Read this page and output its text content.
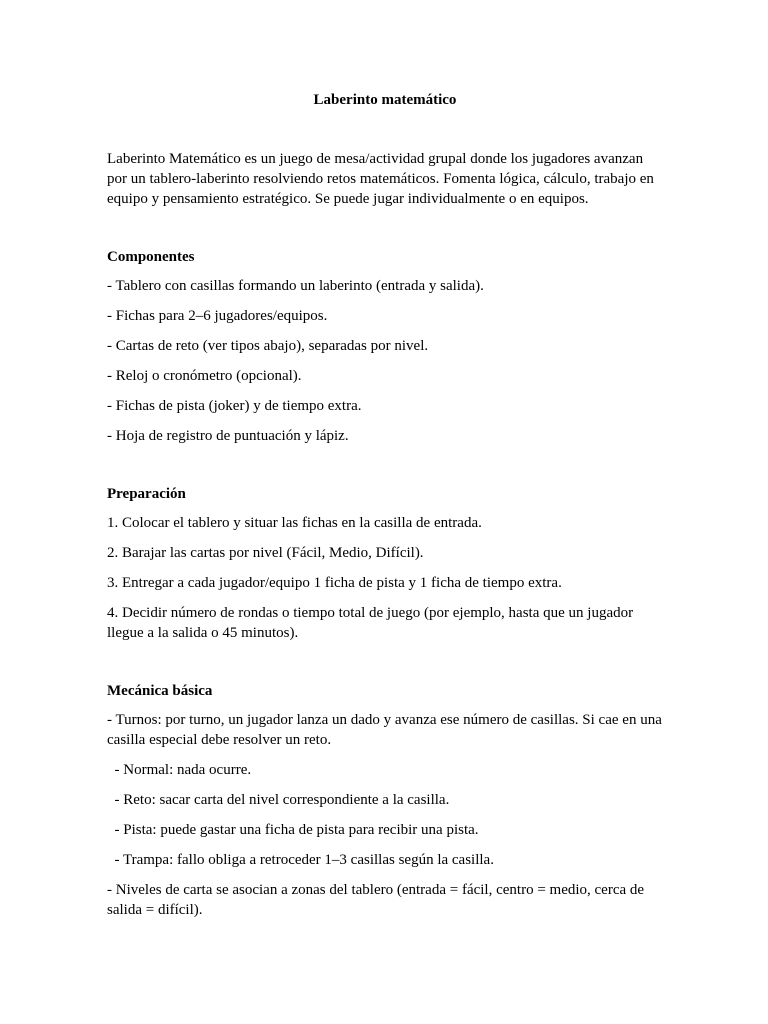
Laberinto matemático

Laberinto Matemático es un juego de mesa/actividad grupal donde los jugadores avanzan por un tablero-laberinto resolviendo retos matemáticos. Fomenta lógica, cálculo, trabajo en equipo y pensamiento estratégico. Se puede jugar individualmente o en equipos.

Componentes

- Tablero con casillas formando un laberinto (entrada y salida).

- Fichas para 2–6 jugadores/equipos.

- Cartas de reto (ver tipos abajo), separadas por nivel.

- Reloj o cronómetro (opcional).

- Fichas de pista (joker) y de tiempo extra.

- Hoja de registro de puntuación y lápiz.

Preparación

1. Colocar el tablero y situar las fichas en la casilla de entrada.

2. Barajar las cartas por nivel (Fácil, Medio, Difícil).

3. Entregar a cada jugador/equipo 1 ficha de pista y 1 ficha de tiempo extra.

4. Decidir número de rondas o tiempo total de juego (por ejemplo, hasta que un jugador llegue a la salida o 45 minutos).

Mecánica básica

- Turnos: por turno, un jugador lanza un dado y avanza ese número de casillas. Si cae en una casilla especial debe resolver un reto.

- Normal: nada ocurre.

- Reto: sacar carta del nivel correspondiente a la casilla.

- Pista: puede gastar una ficha de pista para recibir una pista.

- Trampa: fallo obliga a retroceder 1–3 casillas según la casilla.

- Niveles de carta se asocian a zonas del tablero (entrada = fácil, centro = medio, cerca de salida = difícil).
